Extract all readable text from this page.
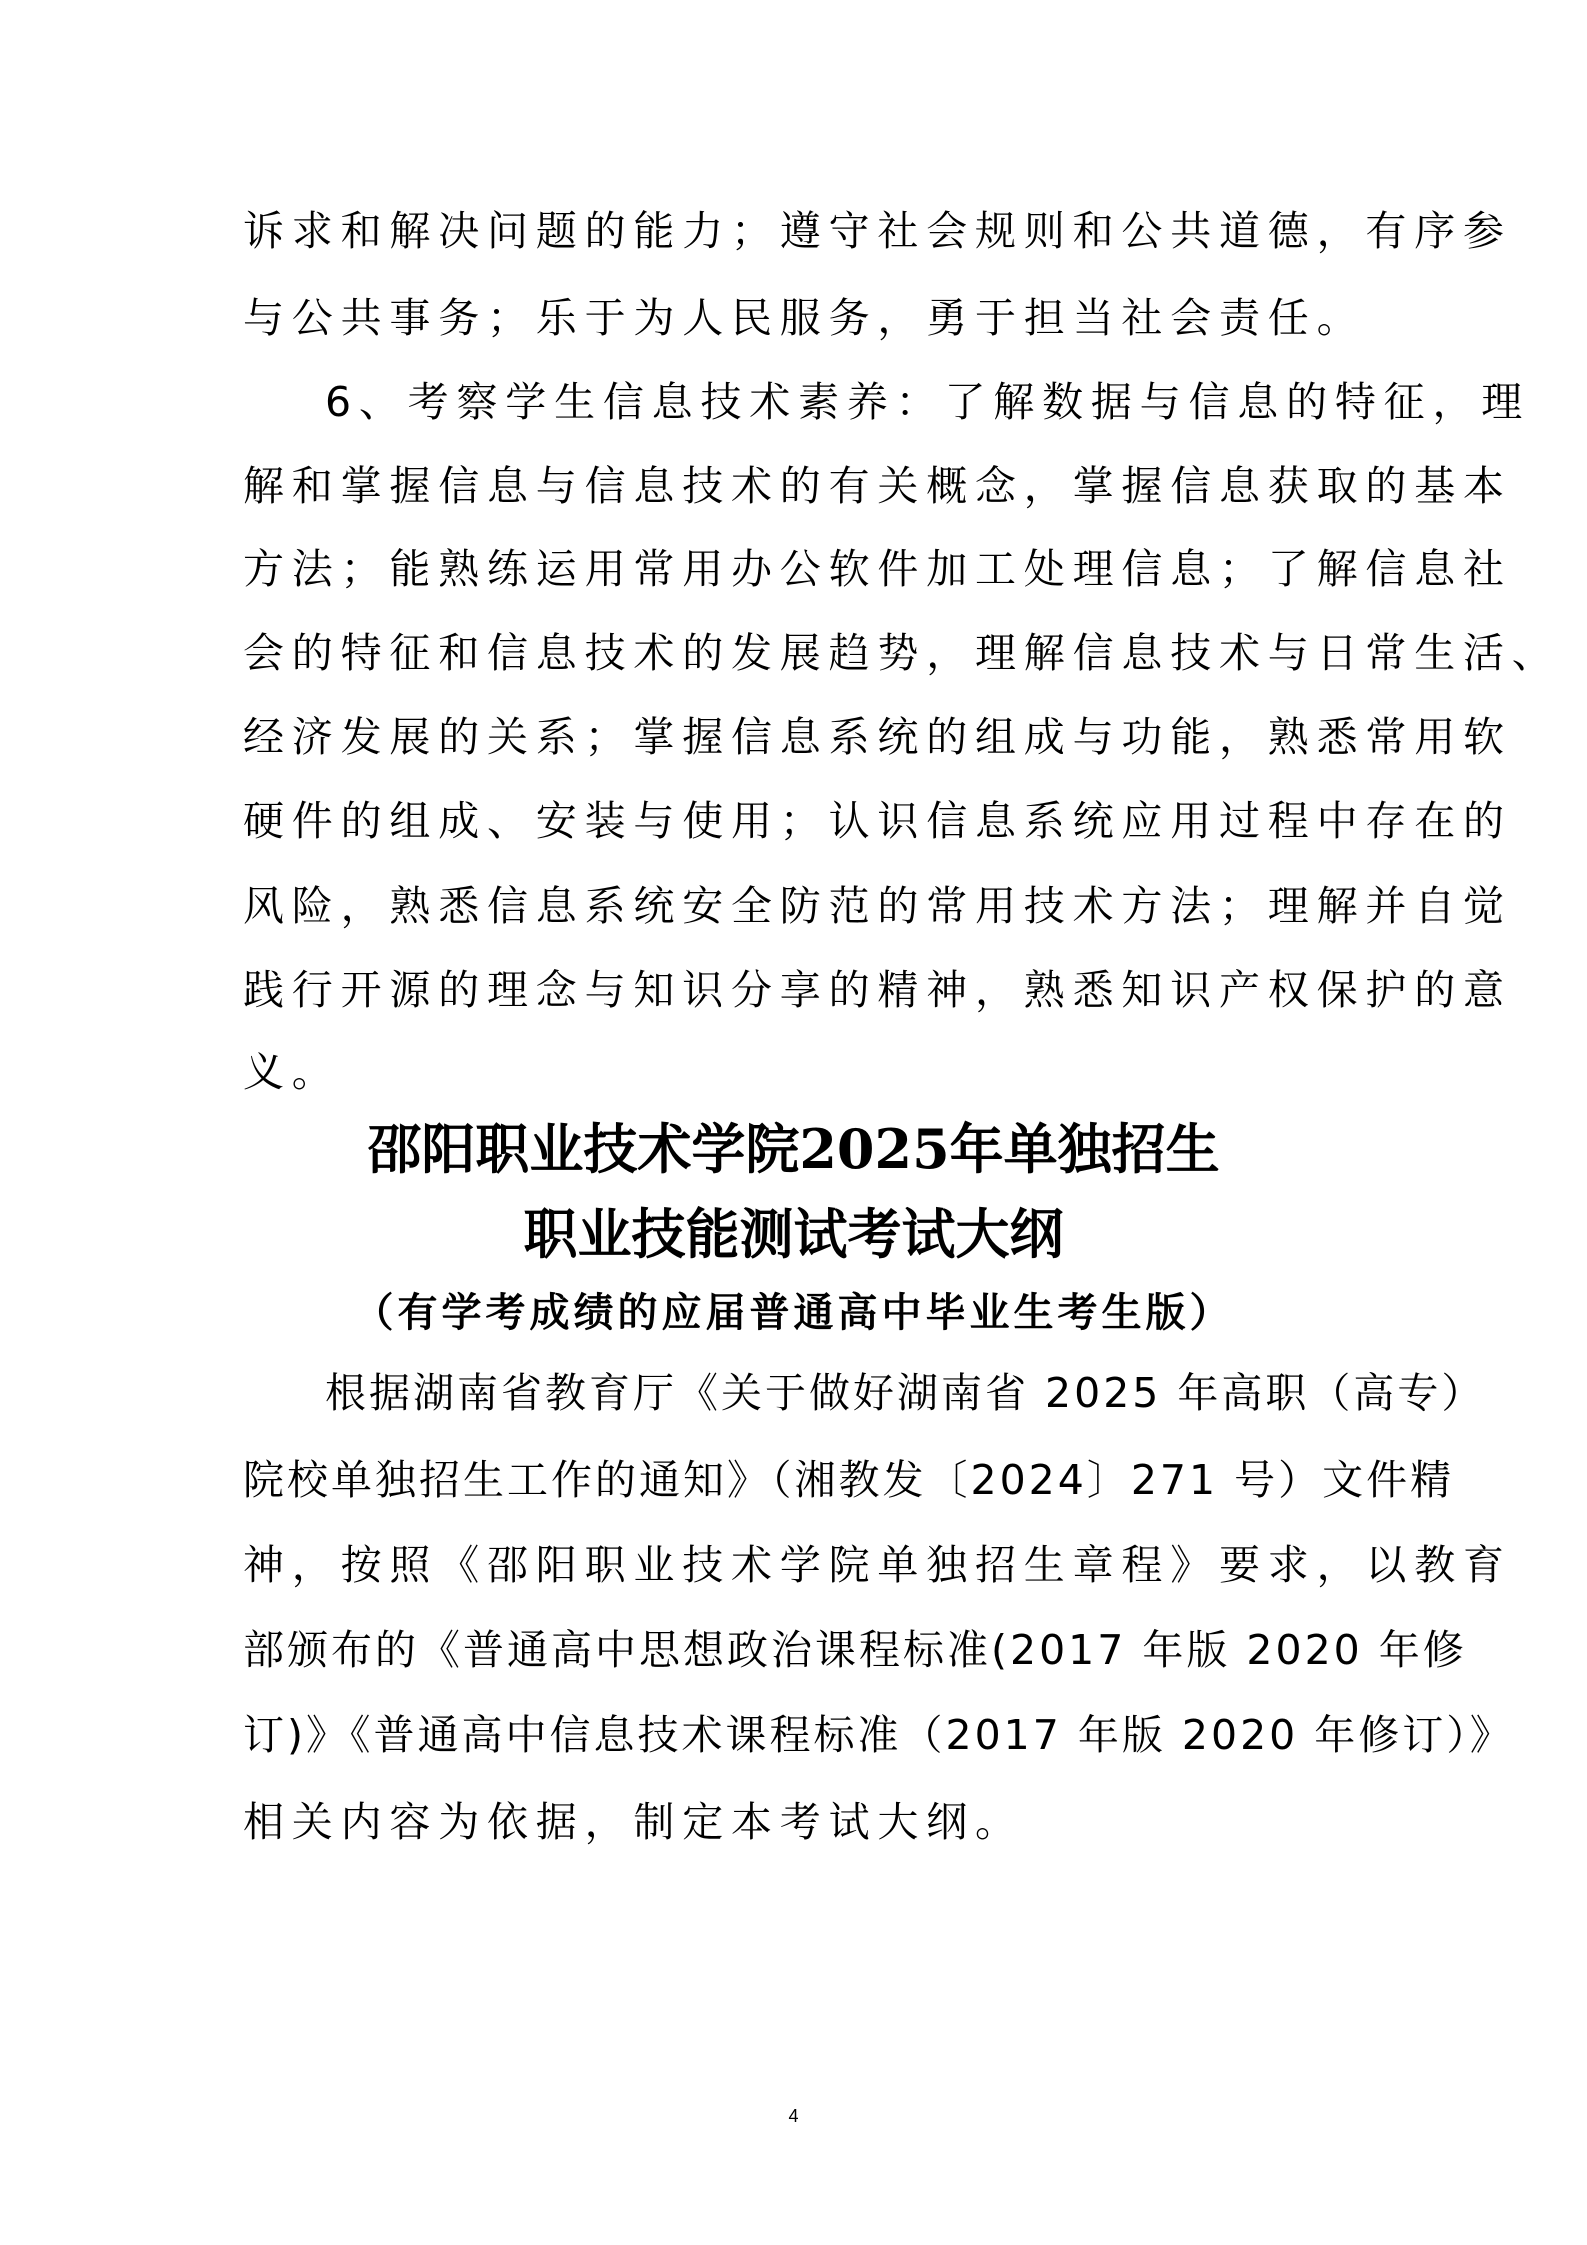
诉求和解决问题的能力；遵守社会规则和公共道德，有序参
与公共事务；乐于为人民服务，勇于担当社会责任。
6、考察学生信息技术素养：了解数据与信息的特征，理
解和掌握信息与信息技术的有关概念，掌握信息获取的基本
方法；能熟练运用常用办公软件加工处理信息；了解信息社
会的特征和信息技术的发展趋势，理解信息技术与日常生活、
经济发展的关系；掌握信息系统的组成与功能，熟悉常用软
硬件的组成、安装与使用；认识信息系统应用过程中存在的
风险，熟悉信息系统安全防范的常用技术方法；理解并自觉
践行开源的理念与知识分享的精神，熟悉知识产权保护的意
义。
邵阳职业技术学院2025年单独招生
职业技能测试考试大纲
（有学考成绩的应届普通高中毕业生考生版）
根据湖南省教育厅《关于做好湖南省 2025 年高职（高专）
院校单独招生工作的通知》（湘教发〔2024〕271 号）文件精
神，按照《邵阳职业技术学院单独招生章程》要求，以教育
部颁布的《普通高中思想政治课程标准(2017 年版 2020 年修
订)》《普通高中信息技术课程标准（2017 年版 2020 年修订）》
相关内容为依据，制定本考试大纲。
4
